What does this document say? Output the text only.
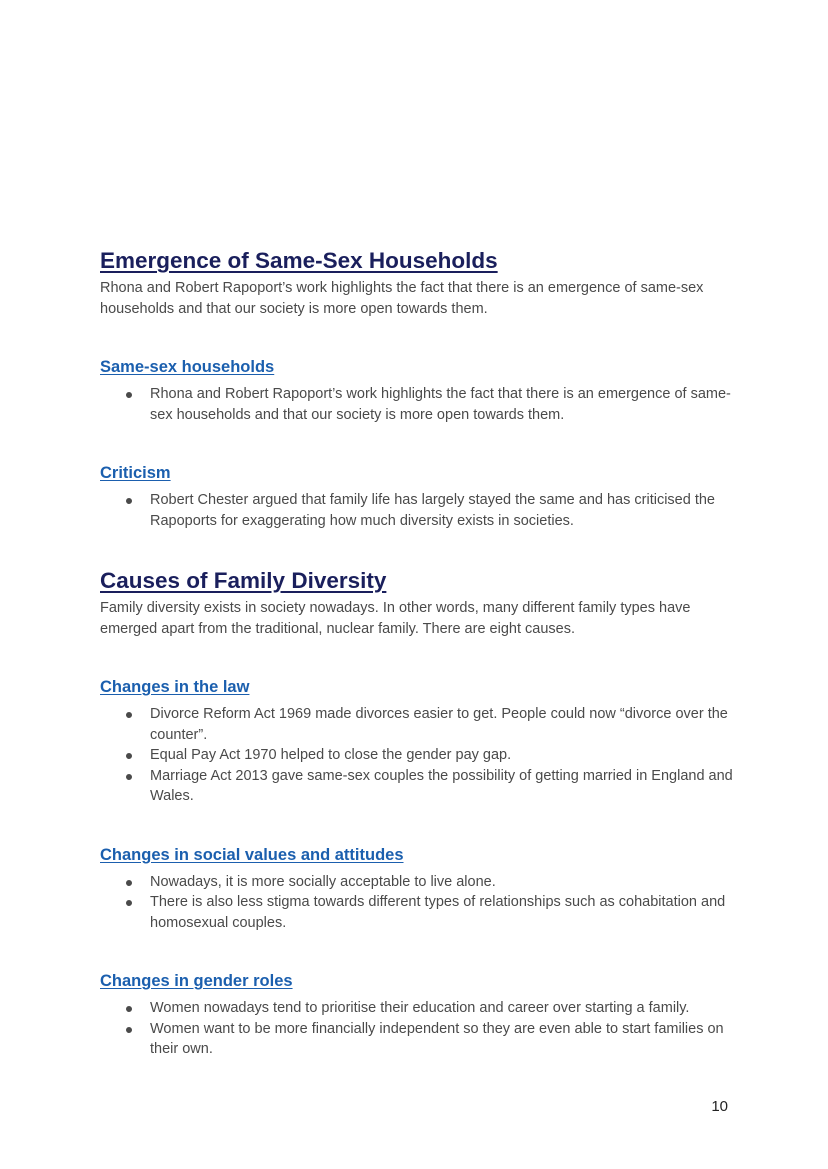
Emergence of Same-Sex Households

Rhona and Robert Rapoport’s work highlights the fact that there is an emergence of same-sex households and that our society is more open towards them.

Same-sex households
Rhona and Robert Rapoport’s work highlights the fact that there is an emergence of same-sex households and that our society is more open towards them.
Criticism
Robert Chester argued that family life has largely stayed the same and has criticised the Rapoports for exaggerating how much diversity exists in societies.
Causes of Family Diversity

Family diversity exists in society nowadays. In other words, many different family types have emerged apart from the traditional, nuclear family. There are eight causes.

Changes in the law
Divorce Reform Act 1969 made divorces easier to get. People could now “divorce over the counter”.
Equal Pay Act 1970 helped to close the gender pay gap.
Marriage Act 2013 gave same-sex couples the possibility of getting married in England and Wales.
Changes in social values and attitudes
Nowadays, it is more socially acceptable to live alone.
There is also less stigma towards different types of relationships such as cohabitation and homosexual couples.
Changes in gender roles
Women nowadays tend to prioritise their education and career over starting a family.
Women want to be more financially independent so they are even able to start families on their own.
10
